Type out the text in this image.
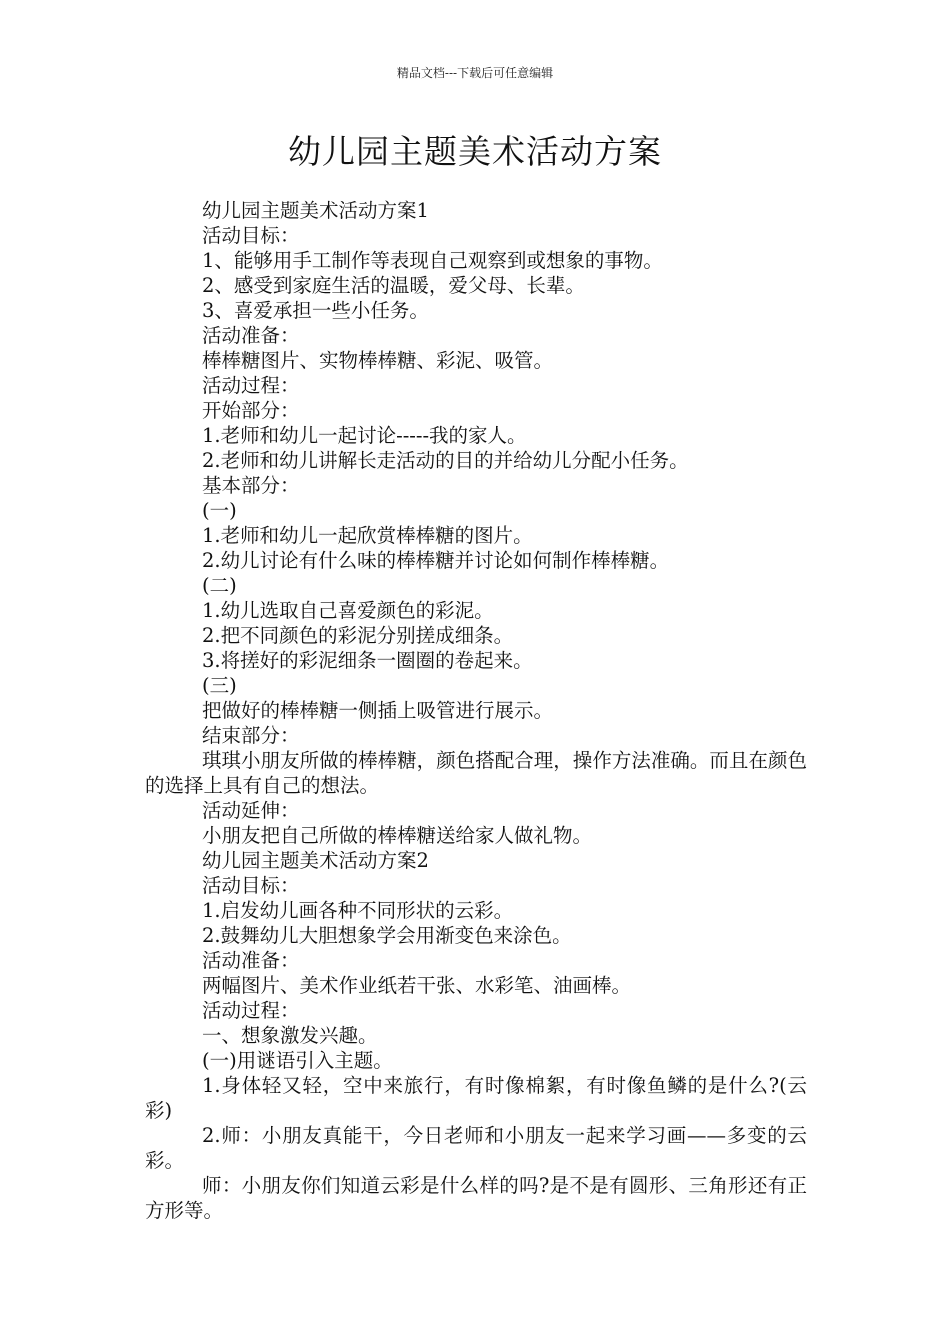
精品文档---下载后可任意编辑
幼儿园主题美术活动方案

幼儿园主题美术活动方案1

活动目标：

1、能够用手工制作等表现自己观察到或想象的事物。

2、感受到家庭生活的温暖，爱父母、长辈。

3、喜爱承担一些小任务。

活动准备：

棒棒糖图片、实物棒棒糖、彩泥、吸管。

活动过程：

开始部分：

1.老师和幼儿一起讨论-----我的家人。

2.老师和幼儿讲解长走活动的目的并给幼儿分配小任务。

基本部分：

(一)

1.老师和幼儿一起欣赏棒棒糖的图片。

2.幼儿讨论有什么味的棒棒糖并讨论如何制作棒棒糖。

(二)

1.幼儿选取自己喜爱颜色的彩泥。

2.把不同颜色的彩泥分别搓成细条。

3.将搓好的彩泥细条一圈圈的卷起来。

(三)

把做好的棒棒糖一侧插上吸管进行展示。

结束部分：

琪琪小朋友所做的棒棒糖，颜色搭配合理，操作方法准确。而且在颜色的选择上具有自己的想法。

活动延伸：

小朋友把自己所做的棒棒糖送给家人做礼物。

幼儿园主题美术活动方案2

活动目标：

1.启发幼儿画各种不同形状的云彩。

2.鼓舞幼儿大胆想象学会用渐变色来涂色。

活动准备：

两幅图片、美术作业纸若干张、水彩笔、油画棒。

活动过程：

一、想象激发兴趣。

(一)用谜语引入主题。

1.身体轻又轻，空中来旅行，有时像棉絮，有时像鱼鳞的是什么?(云彩)

2.师：小朋友真能干，今日老师和小朋友一起来学习画——多变的云彩。

师：小朋友你们知道云彩是什么样的吗?是不是有圆形、三角形还有正方形等。
